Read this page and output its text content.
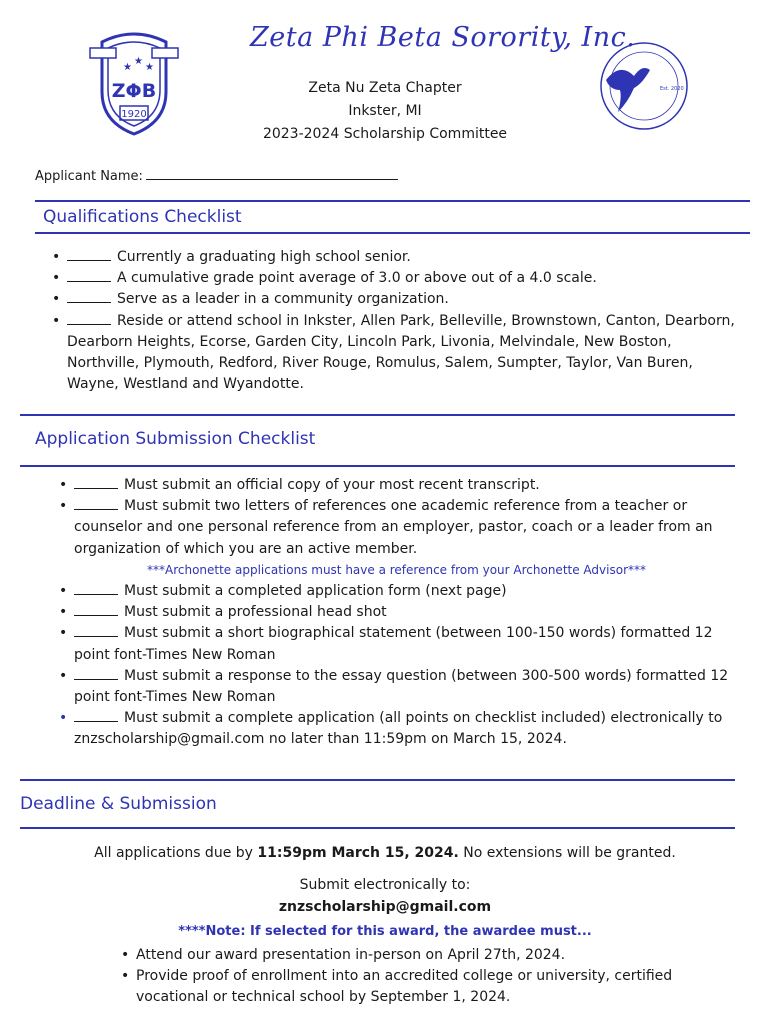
★
★
★
ZΦB
1920
Zeta Phi Beta Sorority, Inc.
Zeta Nu Zeta Chapter
Inkster, MI
2023-2024 Scholarship Committee
Est. 2020
Applicant Name:
Qualifications Checklist
• Currently a graduating high school senior.
• A cumulative grade point average of 3.0 or above out of a 4.0 scale.
• Serve as a leader in a community organization.
• Reside or attend school in Inkster, Allen Park, Belleville, Brownstown, Canton, Dearborn, Dearborn Heights, Ecorse, Garden City, Lincoln Park, Livonia, Melvindale, New Boston, Northville, Plymouth, Redford, River Rouge, Romulus, Salem, Sumpter, Taylor, Van Buren, Wayne, Westland and Wyandotte.
Application Submission Checklist
• Must submit an official copy of your most recent transcript.
• Must submit two letters of references one academic reference from a teacher or counselor and one personal reference from an employer, pastor, coach or a leader from an organization of which you are an active member.
***Archonette applications must have a reference from your Archonette Advisor***
• Must submit a completed application form (next page)
• Must submit a professional head shot
• Must submit a short biographical statement (between 100-150 words) formatted 12 point font-Times New Roman
• Must submit a response to the essay question (between 300-500 words) formatted 12 point font-Times New Roman
• Must submit a complete application (all points on checklist included) electronically to znzscholarship@gmail.com no later than 11:59pm on March 15, 2024.
Deadline & Submission
All applications due by 11:59pm March 15, 2024. No extensions will be granted.
Submit electronically to:
znzscholarship@gmail.com
****Note: If selected for this award, the awardee must...
• Attend our award presentation in-person on April 27th, 2024.
• Provide proof of enrollment into an accredited college or university, certified vocational or technical school by September 1, 2024.
